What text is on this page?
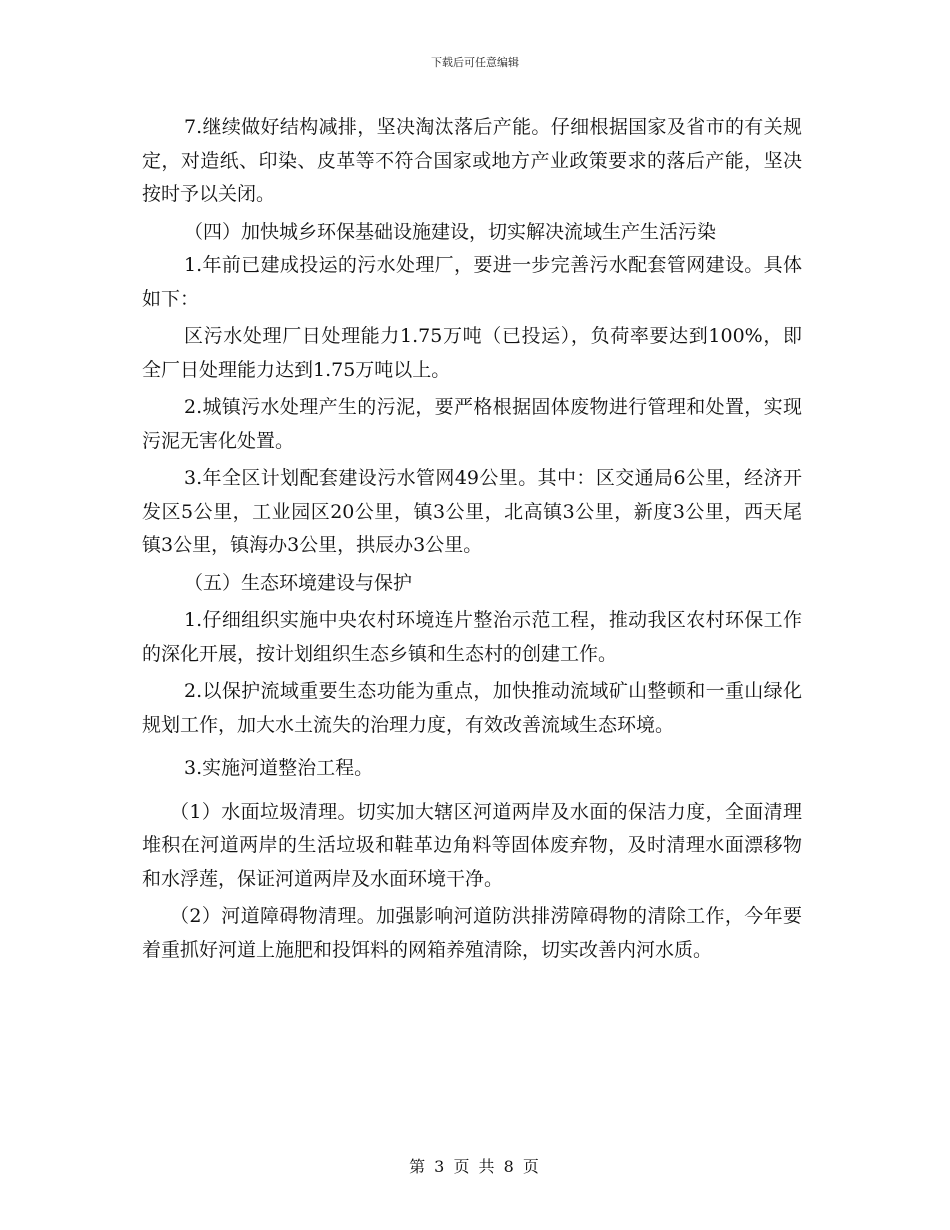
下载后可任意编辑

7.继续做好结构减排，坚决淘汰落后产能。仔细根据国家及省市的有关规定，对造纸、印染、皮革等不符合国家或地方产业政策要求的落后产能，坚决按时予以关闭。

（四）加快城乡环保基础设施建设，切实解决流域生产生活污染

1.年前已建成投运的污水处理厂，要进一步完善污水配套管网建设。具体如下：

区污水处理厂日处理能力1.75万吨（已投运），负荷率要达到100%，即全厂日处理能力达到1.75万吨以上。

2.城镇污水处理产生的污泥，要严格根据固体废物进行管理和处置，实现污泥无害化处置。

3.年全区计划配套建设污水管网49公里。其中：区交通局6公里，经济开发区5公里，工业园区20公里，镇3公里，北高镇3公里，新度3公里，西天尾镇3公里，镇海办3公里，拱辰办3公里。

（五）生态环境建设与保护

1.仔细组织实施中央农村环境连片整治示范工程，推动我区农村环保工作的深化开展，按计划组织生态乡镇和生态村的创建工作。

2.以保护流域重要生态功能为重点，加快推动流域矿山整顿和一重山绿化规划工作，加大水土流失的治理力度，有效改善流域生态环境。

3.实施河道整治工程。

（1）水面垃圾清理。切实加大辖区河道两岸及水面的保洁力度，全面清理堆积在河道两岸的生活垃圾和鞋革边角料等固体废弃物，及时清理水面漂移物和水浮莲，保证河道两岸及水面环境干净。

（2）河道障碍物清理。加强影响河道防洪排涝障碍物的清除工作，今年要着重抓好河道上施肥和投饵料的网箱养殖清除，切实改善内河水质。

第 3 页 共 8 页
